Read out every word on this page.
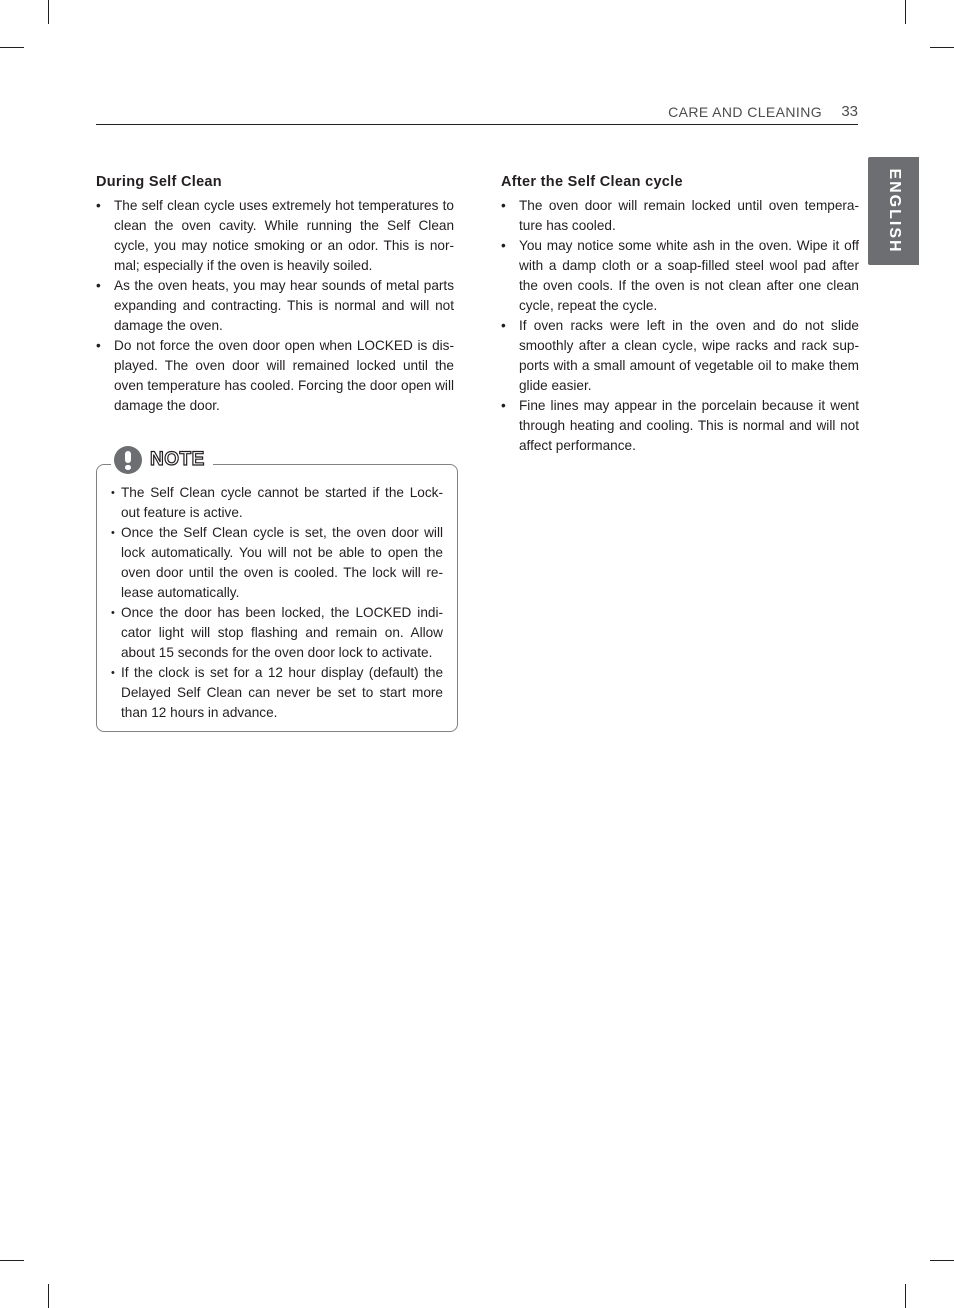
CARE AND CLEANING 33
ENGLISH
During Self Clean
• The self clean cycle uses extremely hot temperatures to clean the oven cavity. While running the Self Clean cycle, you may notice smoking or an odor. This is nor-mal; especially if the oven is heavily soiled.
• As the oven heats, you may hear sounds of metal parts expanding and contracting. This is normal and will not damage the oven.
• Do not force the oven door open when LOCKED is dis-played. The oven door will remained locked until the oven temperature has cooled. Forcing the door open will damage the door.
NOTE
• The Self Clean cycle cannot be started if the Lock-out feature is active.
• Once the Self Clean cycle is set, the oven door will lock automatically. You will not be able to open the oven door until the oven is cooled. The lock will re-lease automatically.
• Once the door has been locked, the LOCKED indi-cator light will stop flashing and remain on. Allow about 15 seconds for the oven door lock to activate.
• If the clock is set for a 12 hour display (default) the Delayed Self Clean can never be set to start more than 12 hours in advance.
After the Self Clean cycle
• The oven door will remain locked until oven tempera-ture has cooled.
• You may notice some white ash in the oven. Wipe it off with a damp cloth or a soap-filled steel wool pad after the oven cools. If the oven is not clean after one clean cycle, repeat the cycle.
• If oven racks were left in the oven and do not slide smoothly after a clean cycle, wipe racks and rack sup-ports with a small amount of vegetable oil to make them glide easier.
• Fine lines may appear in the porcelain because it went through heating and cooling. This is normal and will not affect performance.
